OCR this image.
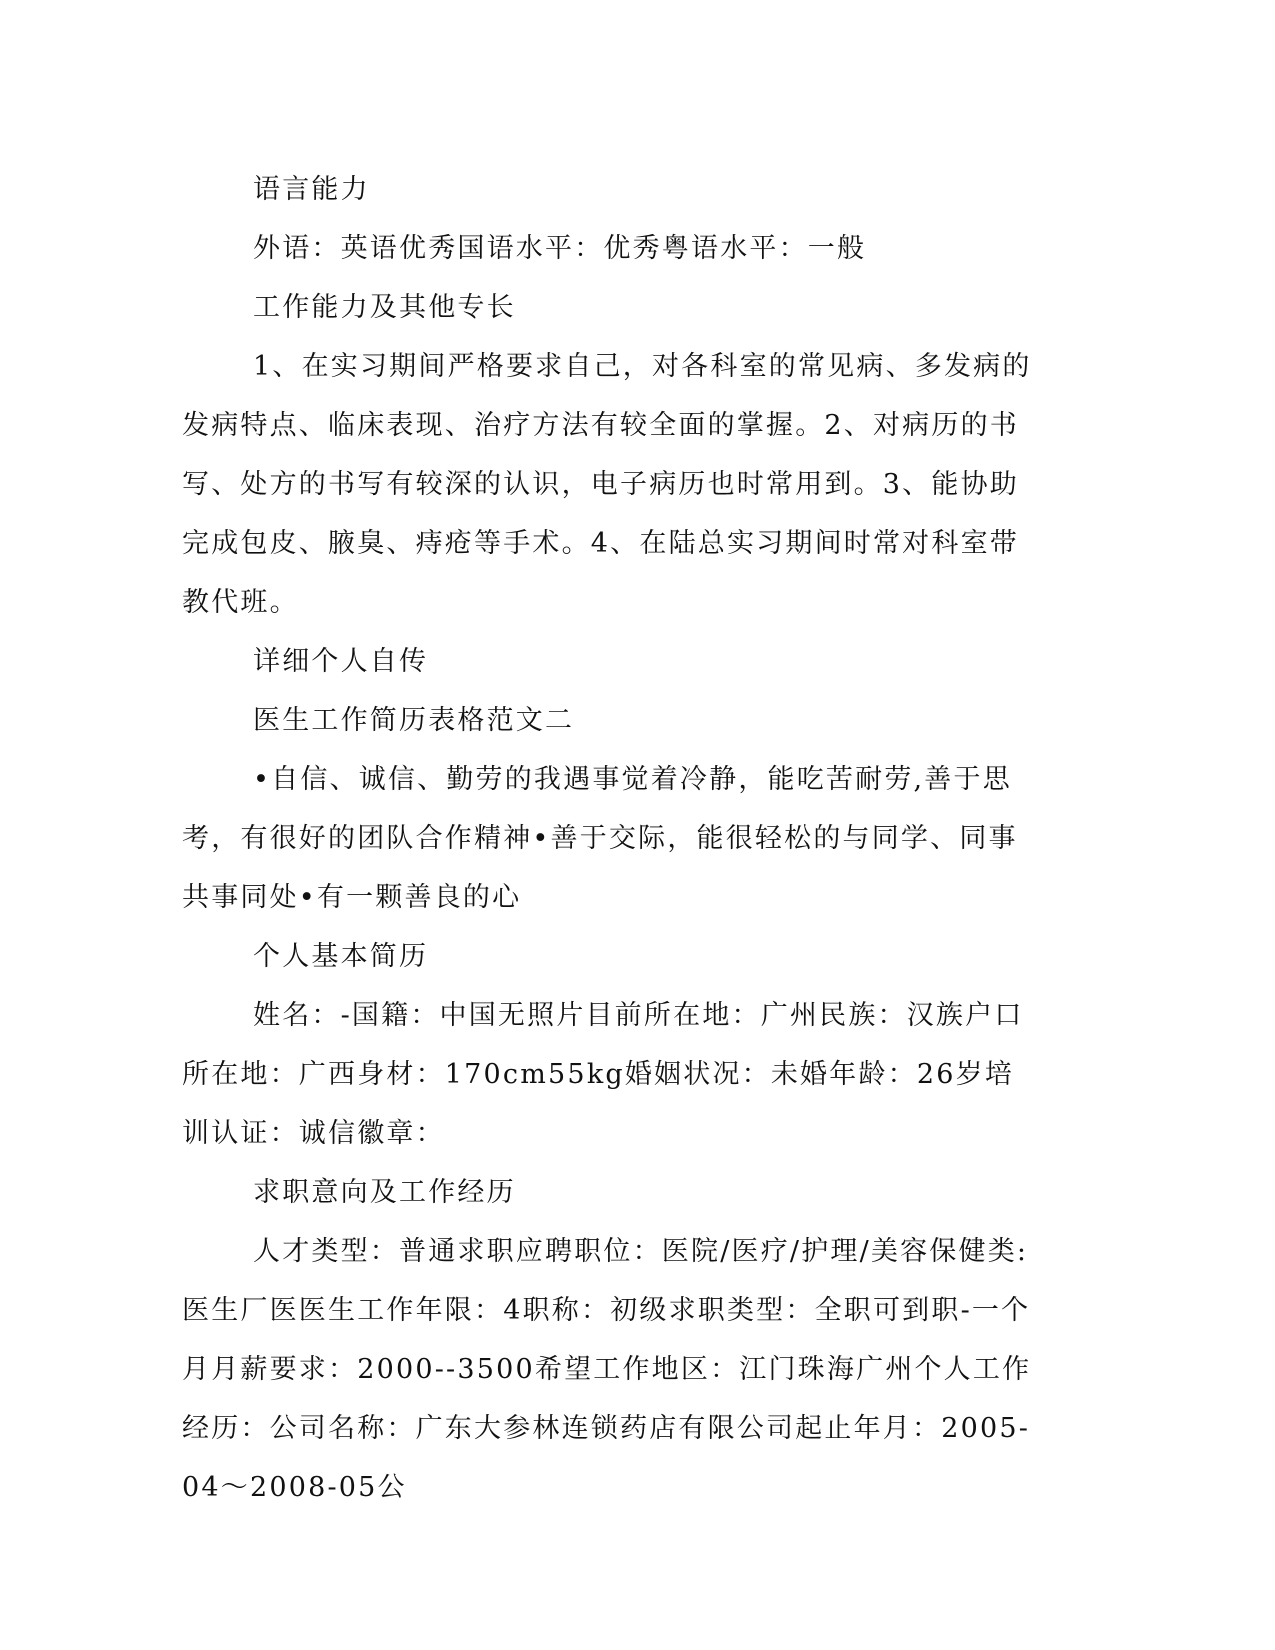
语言能力

外语：英语优秀国语水平：优秀粤语水平：一般

工作能力及其他专长

1、在实习期间严格要求自己，对各科室的常见病、多发病的发病特点、临床表现、治疗方法有较全面的掌握。2、对病历的书写、处方的书写有较深的认识，电子病历也时常用到。3、能协助完成包皮、腋臭、痔疮等手术。4、在陆总实习期间时常对科室带教代班。

详细个人自传

医生工作简历表格范文二

•自信、诚信、勤劳的我遇事觉着冷静，能吃苦耐劳,善于思考，有很好的团队合作精神•善于交际，能很轻松的与同学、同事共事同处•有一颗善良的心

个人基本简历

姓名：-国籍：中国无照片目前所在地：广州民族：汉族户口所在地：广西身材：170cm55kg婚姻状况：未婚年龄：26岁培训认证：诚信徽章：

求职意向及工作经历

人才类型：普通求职应聘职位：医院/医疗/护理/美容保健类:医生厂医医生工作年限：4职称：初级求职类型：全职可到职-一个月月薪要求：2000--3500希望工作地区：江门珠海广州个人工作经历：公司名称：广东大参林连锁药店有限公司起止年月：2005-04～2008-05公
